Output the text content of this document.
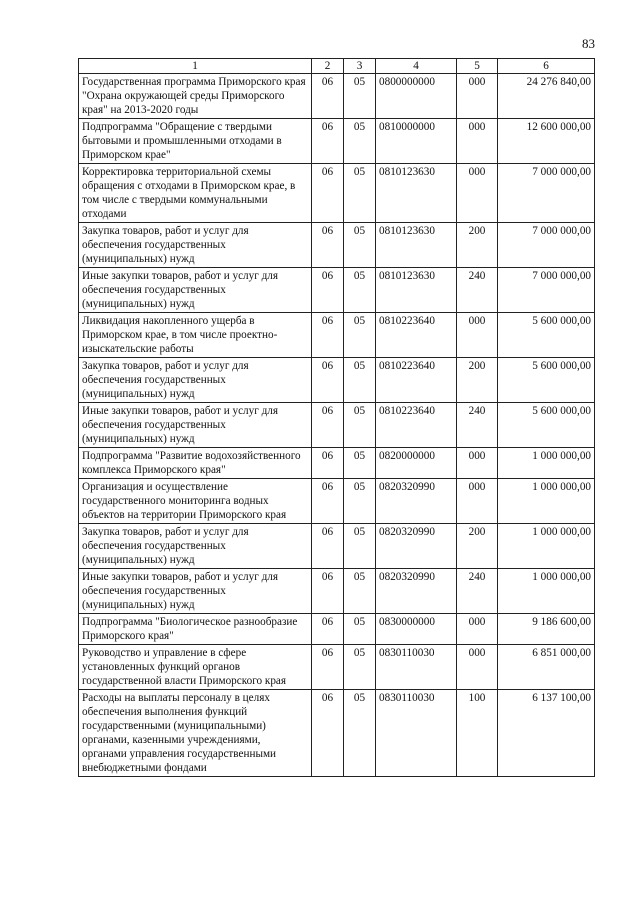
83
1	2	3	4	5	6
Государственная программа Приморского края "Охрана окружающей среды Приморского края" на 2013-2020 годы	06	05	0800000000	000	24 276 840,00
Подпрограмма "Обращение с твердыми бытовыми и промышленными отходами в Приморском крае"	06	05	0810000000	000	12 600 000,00
Корректировка территориальной схемы обращения с отходами в Приморском крае, в том числе с твердыми коммунальными отходами	06	05	0810123630	000	7 000 000,00
Закупка товаров, работ и услуг для обеспечения государственных (муниципальных) нужд	06	05	0810123630	200	7 000 000,00
Иные закупки товаров, работ и услуг для обеспечения государственных (муниципальных) нужд	06	05	0810123630	240	7 000 000,00
Ликвидация накопленного ущерба в Приморском крае, в том числе проектно-изыскательские работы	06	05	0810223640	000	5 600 000,00
Закупка товаров, работ и услуг для обеспечения государственных (муниципальных) нужд	06	05	0810223640	200	5 600 000,00
Иные закупки товаров, работ и услуг для обеспечения государственных (муниципальных) нужд	06	05	0810223640	240	5 600 000,00
Подпрограмма "Развитие водохозяйственного комплекса Приморского края"	06	05	0820000000	000	1 000 000,00
Организация и осуществление государственного мониторинга водных объектов на территории Приморского края	06	05	0820320990	000	1 000 000,00
Закупка товаров, работ и услуг для обеспечения государственных (муниципальных) нужд	06	05	0820320990	200	1 000 000,00
Иные закупки товаров, работ и услуг для обеспечения государственных (муниципальных) нужд	06	05	0820320990	240	1 000 000,00
Подпрограмма "Биологическое разнообразие Приморского края"	06	05	0830000000	000	9 186 600,00
Руководство и управление в сфере установленных функций органов государственной власти Приморского края	06	05	0830110030	000	6 851 000,00
Расходы на выплаты персоналу в целях обеспечения выполнения функций государственными (муниципальными) органами, казенными учреждениями, органами управления государственными внебюджетными фондами	06	05	0830110030	100	6 137 100,00
